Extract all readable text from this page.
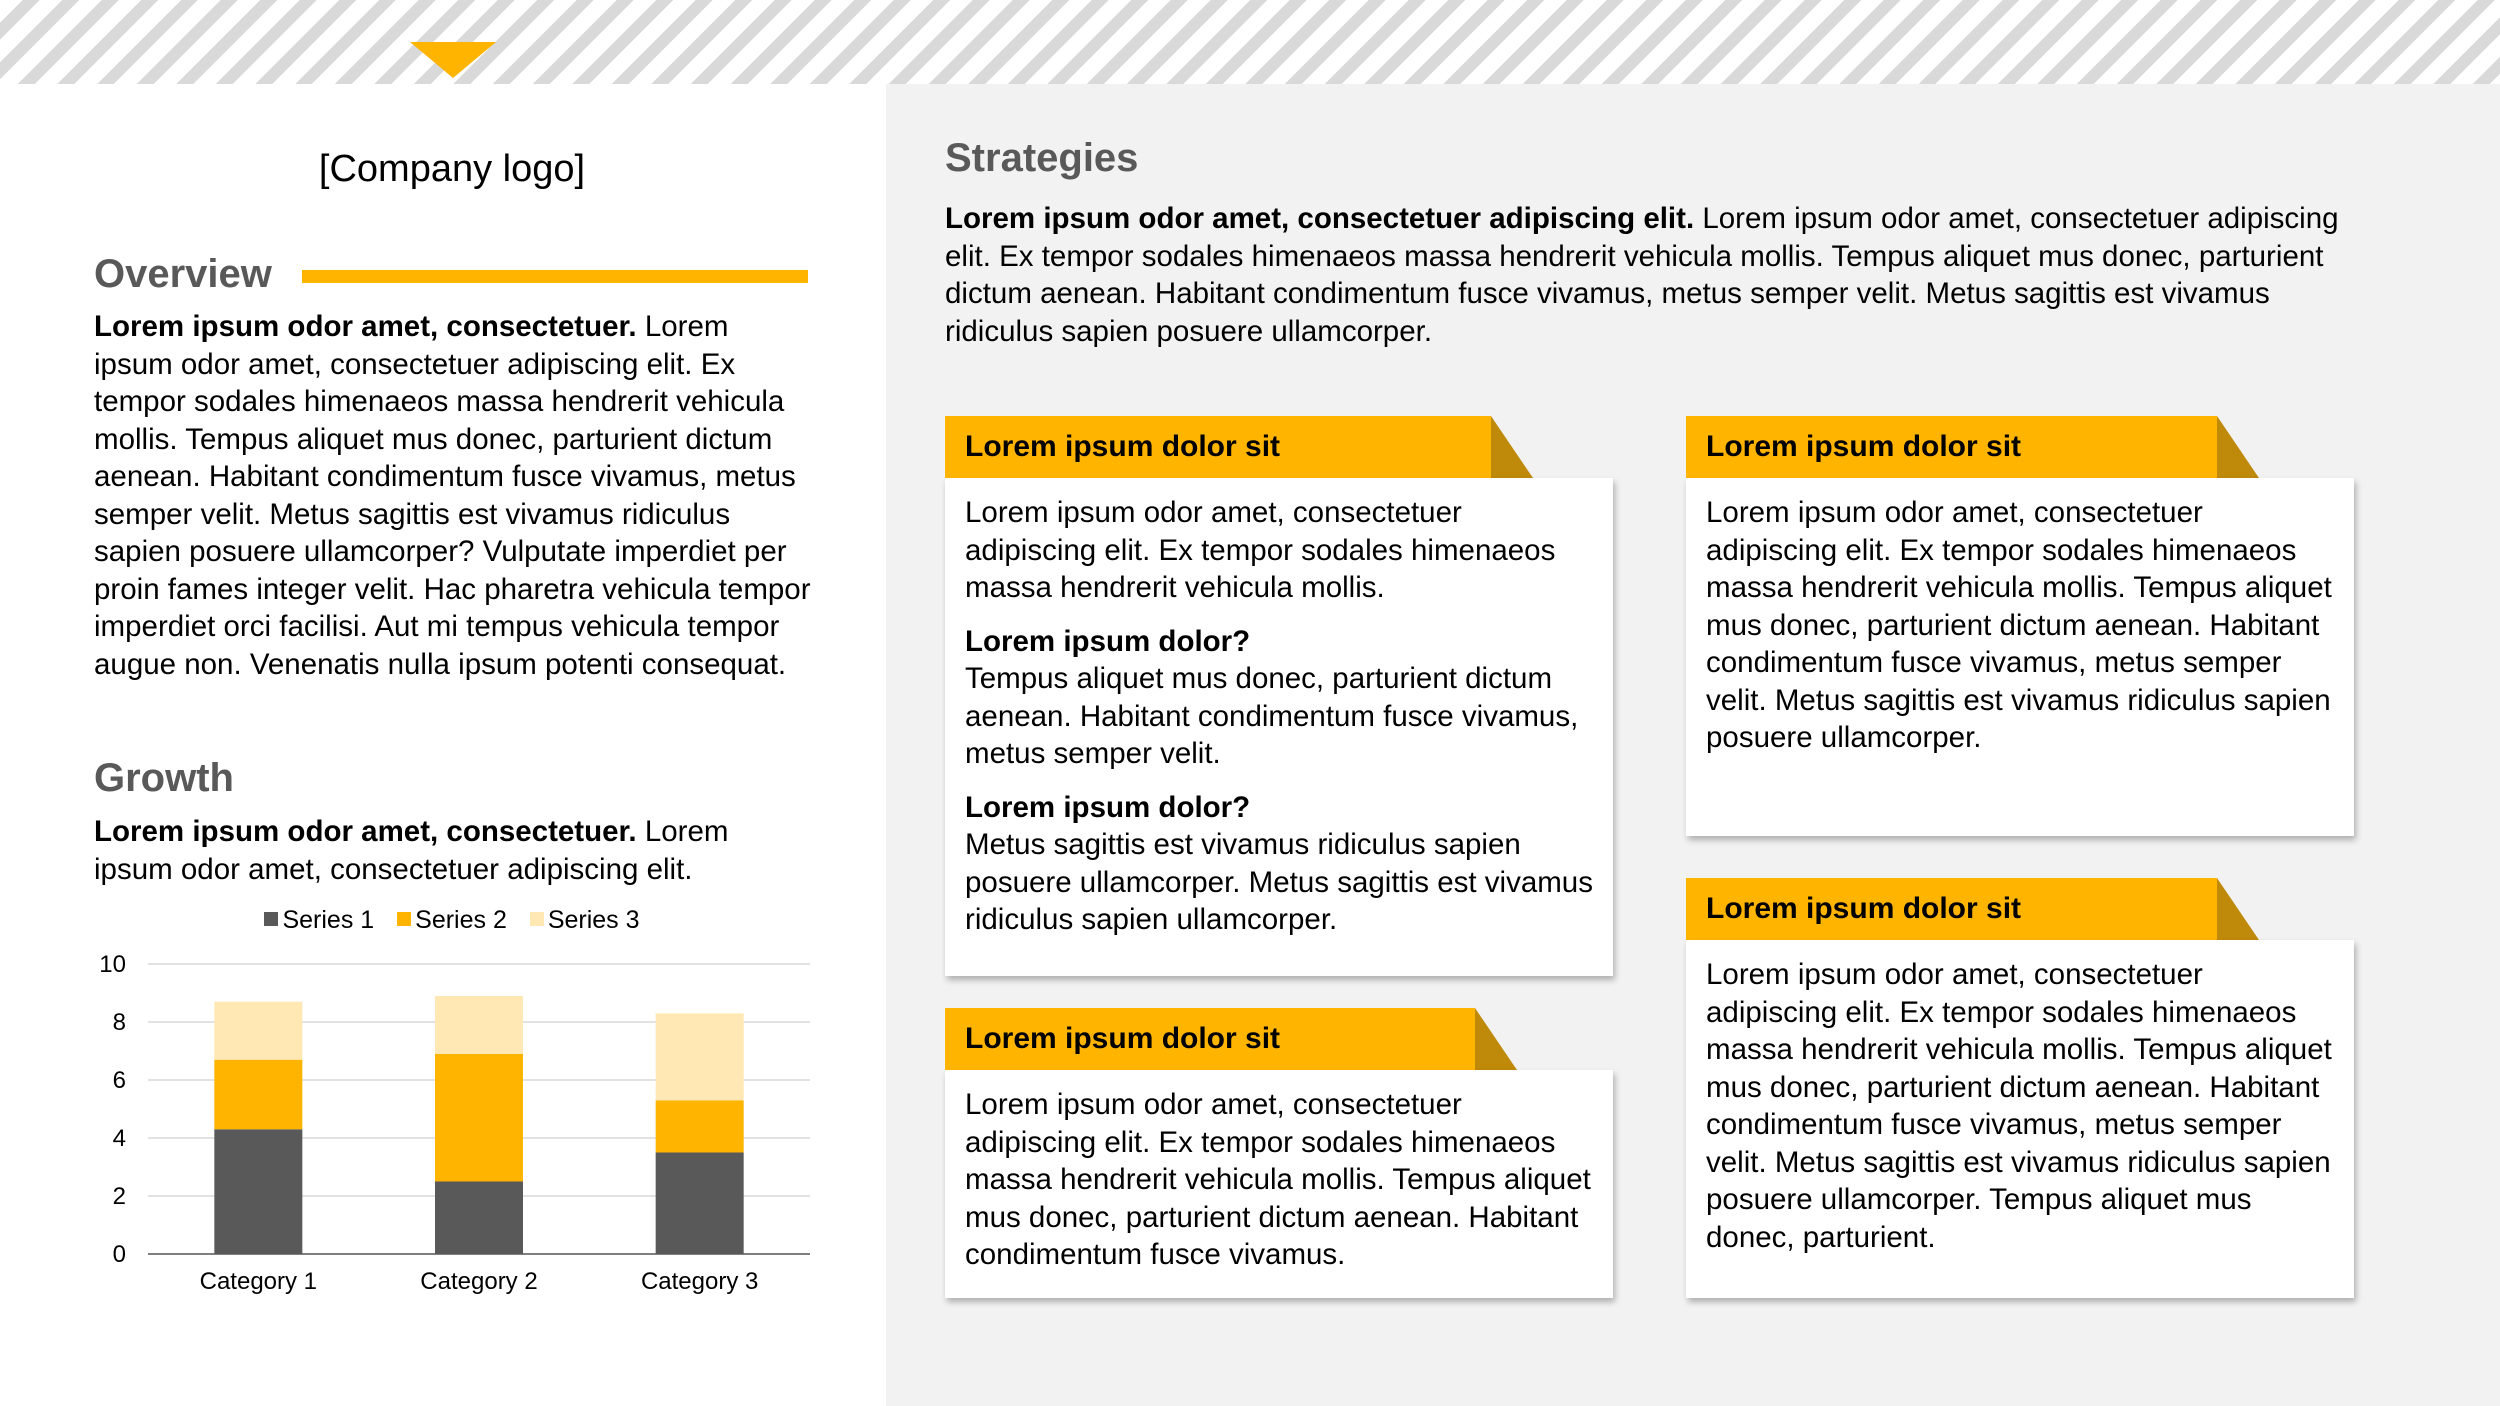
[Company logo]
Overview
Lorem ipsum odor amet, consectetuer. Lorem ipsum odor amet, consectetuer adipiscing elit. Ex tempor sodales himenaeos massa hendrerit vehicula mollis. Tempus aliquet mus donec, parturient dictum aenean. Habitant condimentum fusce vivamus, metus semper velit. Metus sagittis est vivamus ridiculus sapien posuere ullamcorper? Vulputate imperdiet per proin fames integer velit. Hac pharetra vehicula tempor imperdiet orci facilisi. Aut mi tempus vehicula tempor augue non. Venenatis nulla ipsum potenti consequat.
Growth
Lorem ipsum odor amet, consectetuer. Lorem ipsum odor amet, consectetuer adipiscing elit.
Series 1 Series 2 Series 3
0
2
4
6
8
10
Category 1	Category 2	Category 3
Strategies
Lorem ipsum odor amet, consectetuer adipiscing elit. Lorem ipsum odor amet, consectetuer adipiscing elit. Ex tempor sodales himenaeos massa hendrerit vehicula mollis. Tempus aliquet mus donec, parturient dictum aenean. Habitant condimentum fusce vivamus, metus semper velit. Metus sagittis est vivamus ridiculus sapien posuere ullamcorper.
Lorem ipsum dolor sit
Lorem ipsum odor amet, consectetuer adipiscing elit. Ex tempor sodales himenaeos massa hendrerit vehicula mollis.
Lorem ipsum dolor?
Tempus aliquet mus donec, parturient dictum aenean. Habitant condimentum fusce vivamus, metus semper velit.
Lorem ipsum dolor?
Metus sagittis est vivamus ridiculus sapien posuere ullamcorper. Metus sagittis est vivamus ridiculus sapien ullamcorper.
Lorem ipsum dolor sit
Lorem ipsum odor amet, consectetuer adipiscing elit. Ex tempor sodales himenaeos massa hendrerit vehicula mollis. Tempus aliquet mus donec, parturient dictum aenean. Habitant condimentum fusce vivamus.
Lorem ipsum dolor sit
Lorem ipsum odor amet, consectetuer adipiscing elit. Ex tempor sodales himenaeos massa hendrerit vehicula mollis. Tempus aliquet mus donec, parturient dictum aenean. Habitant condimentum fusce vivamus, metus semper velit. Metus sagittis est vivamus ridiculus sapien posuere ullamcorper.
Lorem ipsum dolor sit
Lorem ipsum odor amet, consectetuer adipiscing elit. Ex tempor sodales himenaeos massa hendrerit vehicula mollis. Tempus aliquet mus donec, parturient dictum aenean. Habitant condimentum fusce vivamus, metus semper velit. Metus sagittis est vivamus ridiculus sapien posuere ullamcorper. Tempus aliquet mus donec, parturient.
